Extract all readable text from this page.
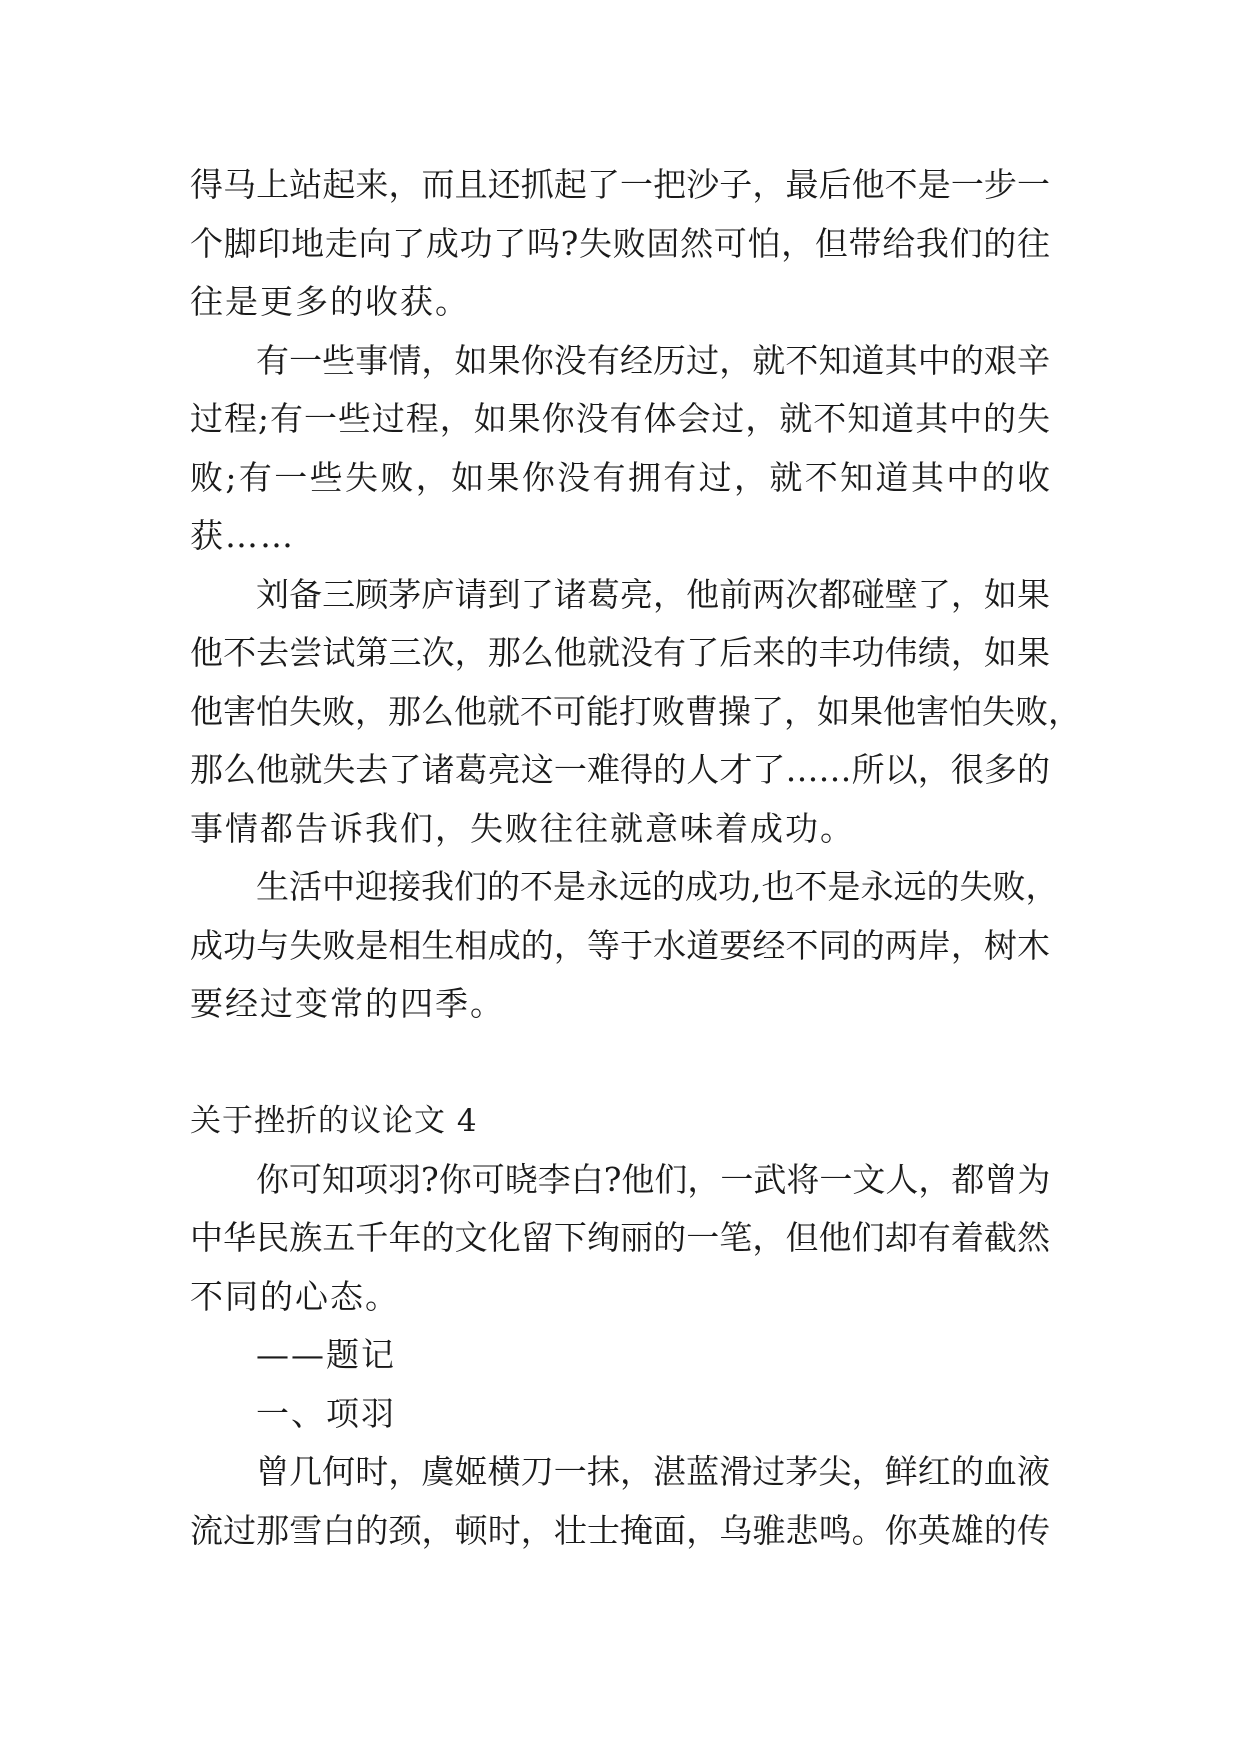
得马上站起来，而且还抓起了一把沙子，最后他不是一步一
个脚印地走向了成功了吗?失败固然可怕，但带给我们的往
往是更多的收获。
有一些事情，如果你没有经历过，就不知道其中的艰辛
过程;有一些过程，如果你没有体会过，就不知道其中的失
败;有一些失败，如果你没有拥有过，就不知道其中的收
获……
刘备三顾茅庐请到了诸葛亮，他前两次都碰壁了，如果
他不去尝试第三次，那么他就没有了后来的丰功伟绩，如果
他害怕失败，那么他就不可能打败曹操了，如果他害怕失败，
那么他就失去了诸葛亮这一难得的人才了……所以，很多的
事情都告诉我们，失败往往就意味着成功。
生活中迎接我们的不是永远的成功,也不是永远的失败，
成功与失败是相生相成的，等于水道要经不同的两岸，树木
要经过变常的四季。
关于挫折的议论文 4
你可知项羽?你可晓李白?他们，一武将一文人，都曾为
中华民族五千年的文化留下绚丽的一笔，但他们却有着截然
不同的心态。
——题记
一、项羽
曾几何时，虞姬横刀一抹，湛蓝滑过茅尖，鲜红的血液
流过那雪白的颈，顿时，壮士掩面，乌骓悲鸣。你英雄的传
